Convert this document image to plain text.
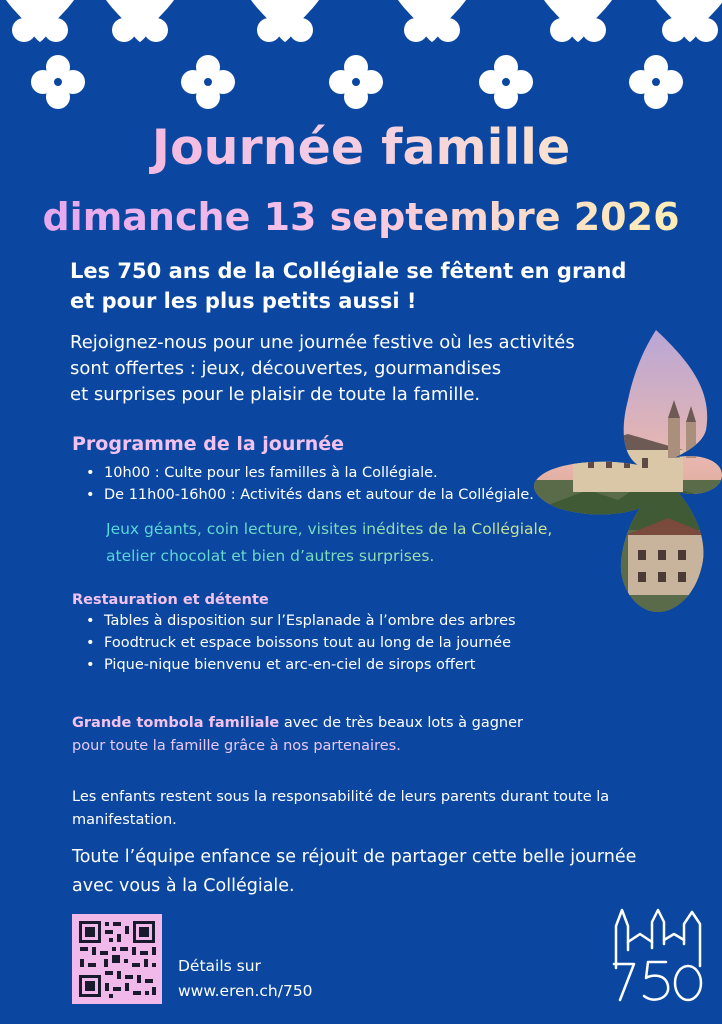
Journée famille
dimanche 13 septembre 2026
Les 750 ans de la Collégiale se fêtent en grand
et pour les plus petits aussi !
Rejoignez-nous pour une journée festive où les activités
sont offertes : jeux, découvertes, gourmandises
et surprises pour le plaisir de toute la famille.
Programme de la journée
• 10h00 : Culte pour les familles à la Collégiale.
• De 11h00-16h00 : Activités dans et autour de la Collégiale.
Jeux géants, coin lecture, visites inédites de la Collégiale,
atelier chocolat et bien d’autres surprises.
Restauration et détente
• Tables à disposition sur l’Esplanade à l’ombre des arbres
• Foodtruck et espace boissons tout au long de la journée
• Pique-nique bienvenu et arc-en-ciel de sirops offert
Grande tombola familiale avec de très beaux lots à gagner
pour toute la famille grâce à nos partenaires.
Les enfants restent sous la responsabilité de leurs parents durant toute la manifestation.
Toute l’équipe enfance se réjouit de partager cette belle journée
avec vous à la Collégiale.
Détails sur
www.eren.ch/750
